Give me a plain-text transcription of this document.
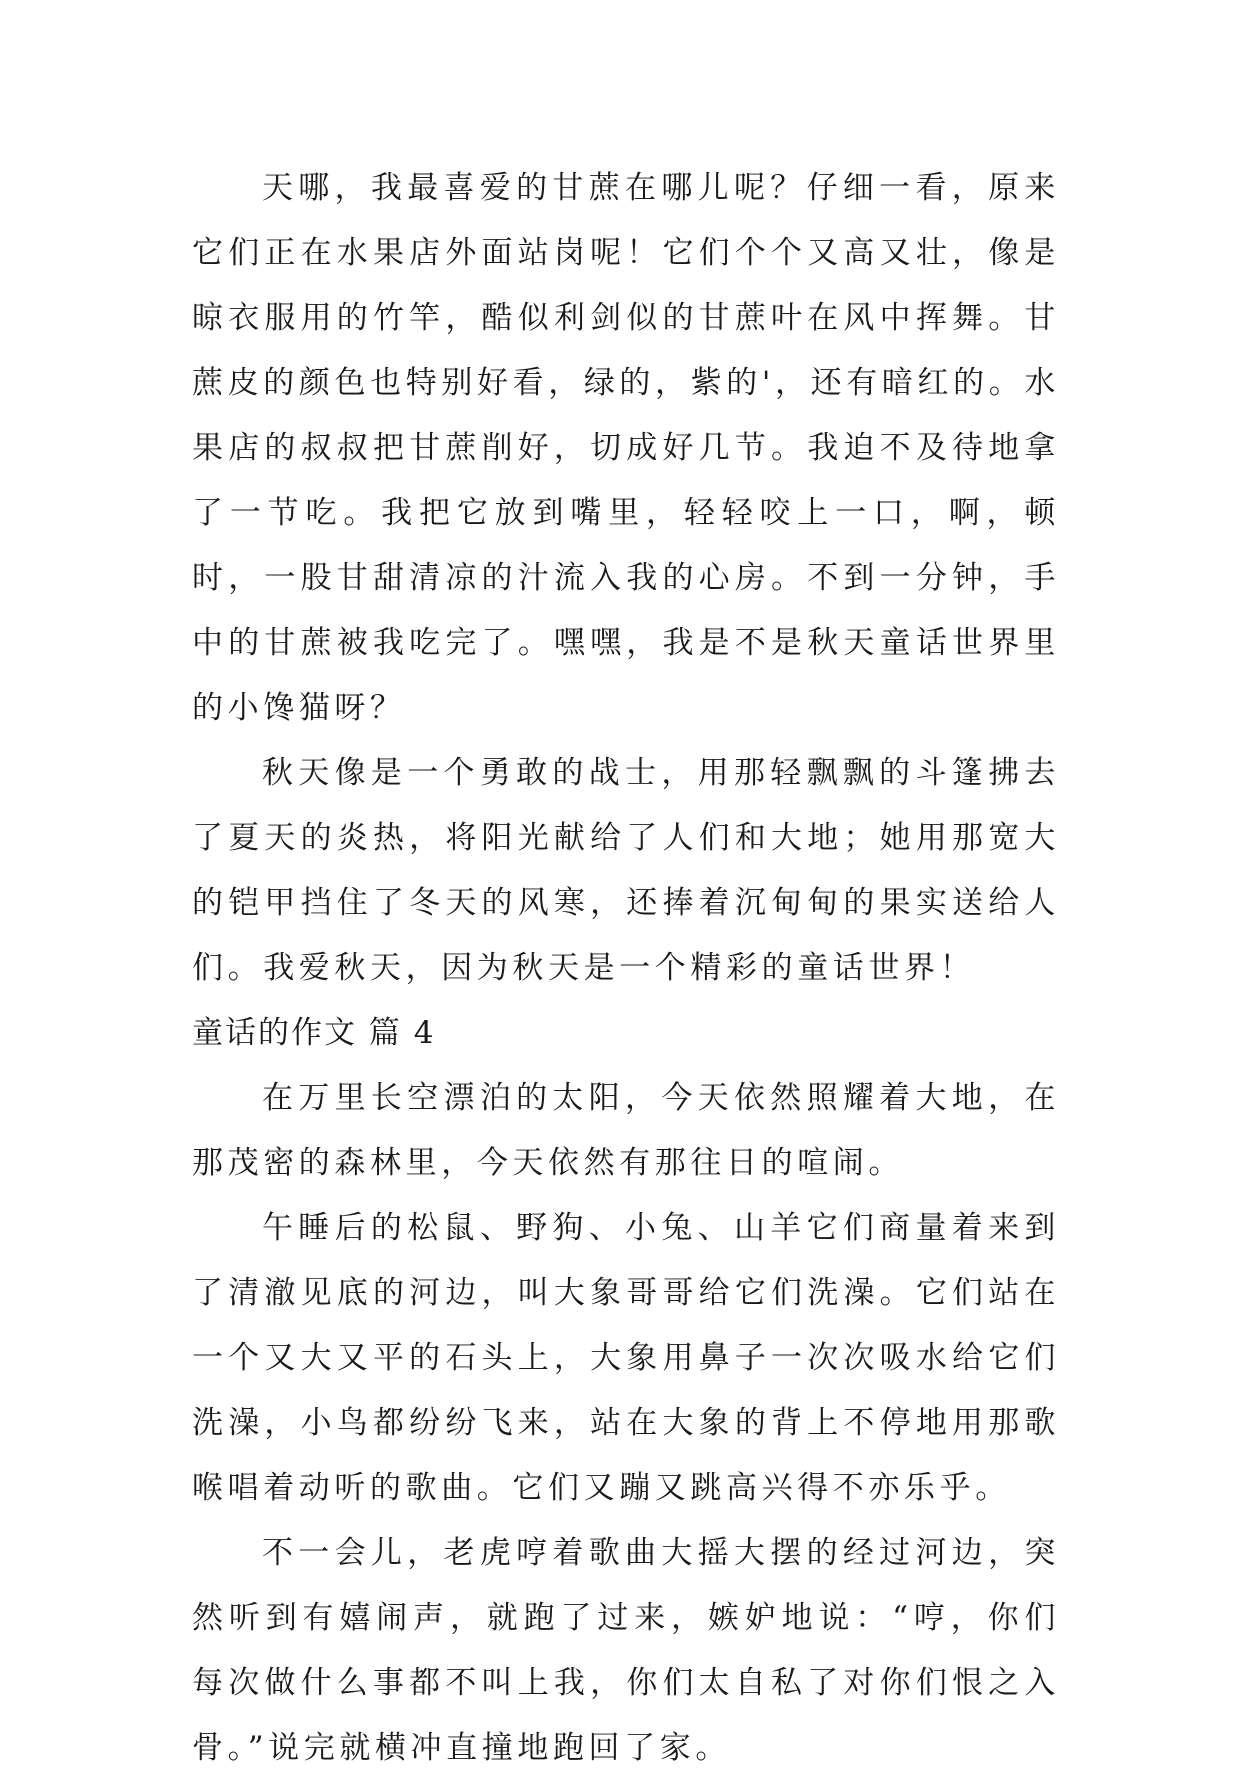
天哪，我最喜爱的甘蔗在哪儿呢？仔细一看，原来它们正在水果店外面站岗呢！它们个个又高又壮，像是晾衣服用的竹竿，酷似利剑似的甘蔗叶在风中挥舞。甘蔗皮的颜色也特别好看，绿的，紫的'，还有暗红的。水果店的叔叔把甘蔗削好，切成好几节。我迫不及待地拿了一节吃。我把它放到嘴里，轻轻咬上一口，啊，顿时，一股甘甜清凉的汁流入我的心房。不到一分钟，手中的甘蔗被我吃完了。嘿嘿，我是不是秋天童话世界里的小馋猫呀？

秋天像是一个勇敢的战士，用那轻飘飘的斗篷拂去了夏天的炎热，将阳光献给了人们和大地；她用那宽大的铠甲挡住了冬天的风寒，还捧着沉甸甸的果实送给人们。我爱秋天，因为秋天是一个精彩的童话世界！

童话的作文 篇 4

在万里长空漂泊的太阳，今天依然照耀着大地，在那茂密的森林里，今天依然有那往日的喧闹。

午睡后的松鼠、野狗、小兔、山羊它们商量着来到了清澈见底的河边，叫大象哥哥给它们洗澡。它们站在一个又大又平的石头上，大象用鼻子一次次吸水给它们洗澡，小鸟都纷纷飞来，站在大象的背上不停地用那歌喉唱着动听的歌曲。它们又蹦又跳高兴得不亦乐乎。

不一会儿，老虎哼着歌曲大摇大摆的经过河边，突然听到有嬉闹声，就跑了过来，嫉妒地说：“哼，你们每次做什么事都不叫上我，你们太自私了对你们恨之入骨。”说完就横冲直撞地跑回了家。
